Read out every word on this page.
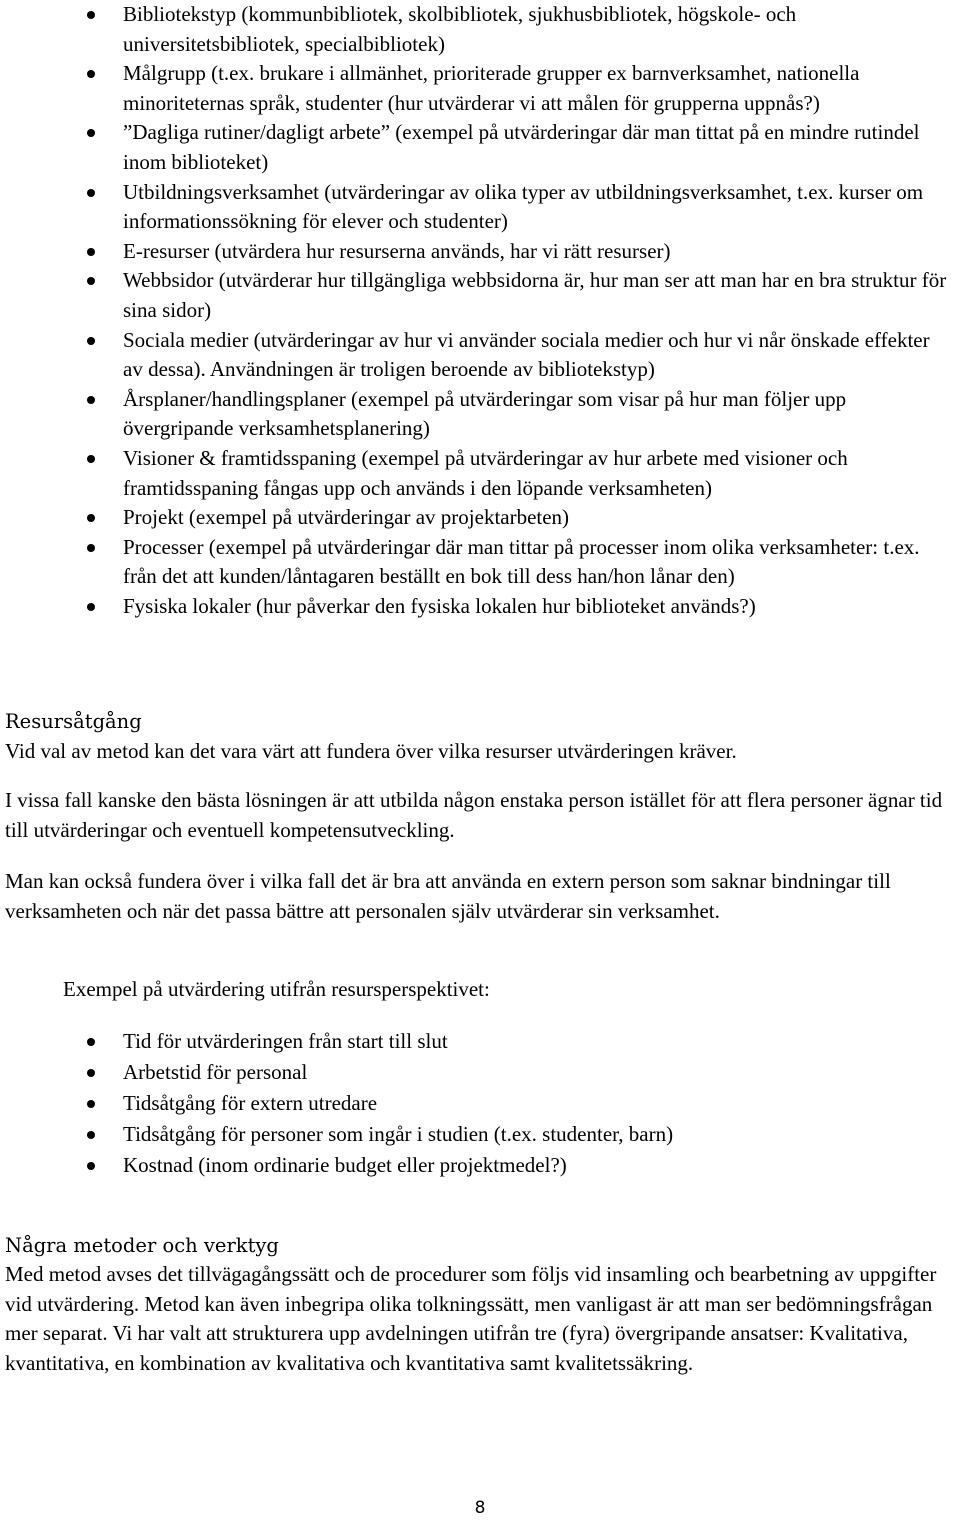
Bibliotekstyp (kommunbibliotek, skolbibliotek, sjukhusbibliotek, högskole- och universitetsbibliotek, specialbibliotek)
Målgrupp (t.ex. brukare i allmänhet, prioriterade grupper ex barnverksamhet, nationella minoriteternas språk, studenter (hur utvärderar vi att målen för grupperna uppnås?)
”Dagliga rutiner/dagligt arbete” (exempel på utvärderingar där man tittat på en mindre rutindel inom biblioteket)
Utbildningsverksamhet (utvärderingar av olika typer av utbildningsverksamhet, t.ex. kurser om informationssökning för elever och studenter)
E-resurser (utvärdera hur resurserna används, har vi rätt resurser)
Webbsidor (utvärderar hur tillgängliga webbsidorna är, hur man ser att man har en bra struktur för sina sidor)
Sociala medier (utvärderingar av hur vi använder sociala medier och hur vi når önskade effekter av dessa). Användningen är troligen beroende av bibliotekstyp)
Årsplaner/handlingsplaner (exempel på utvärderingar som visar på hur man följer upp övergripande verksamhetsplanering)
Visioner & framtidsspaning (exempel på utvärderingar av hur arbete med visioner och framtidsspaning fångas upp och används i den löpande verksamheten)
Projekt (exempel på utvärderingar av projektarbeten)
Processer (exempel på utvärderingar där man tittar på processer inom olika verksamheter: t.ex. från det att kunden/låntagaren beställt en bok till dess han/hon lånar den)
Fysiska lokaler (hur påverkar den fysiska lokalen hur biblioteket används?)

Resursåtgång

Vid val av metod kan det vara värt att fundera över vilka resurser utvärderingen kräver.

I vissa fall kanske den bästa lösningen är att utbilda någon enstaka person istället för att flera personer ägnar tid till utvärderingar och eventuell kompetensutveckling.

Man kan också fundera över i vilka fall det är bra att använda en extern person som saknar bindningar till verksamheten och när det passa bättre att personalen själv utvärderar sin verksamhet.

Exempel på utvärdering utifrån resursperspektivet:

Tid för utvärderingen från start till slut
Arbetstid för personal
Tidsåtgång för extern utredare
Tidsåtgång för personer som ingår i studien (t.ex. studenter, barn)
Kostnad (inom ordinarie budget eller projektmedel?)

Några metoder och verktyg

Med metod avses det tillvägagångssätt och de procedurer som följs vid insamling och bearbetning av uppgifter vid utvärdering. Metod kan även inbegripa olika tolkningssätt, men vanligast är att man ser bedömningsfrågan mer separat. Vi har valt att strukturera upp avdelningen utifrån tre (fyra) övergripande ansatser: Kvalitativa, kvantitativa, en kombination av kvalitativa och kvantitativa samt kvalitetssäkring.

8
